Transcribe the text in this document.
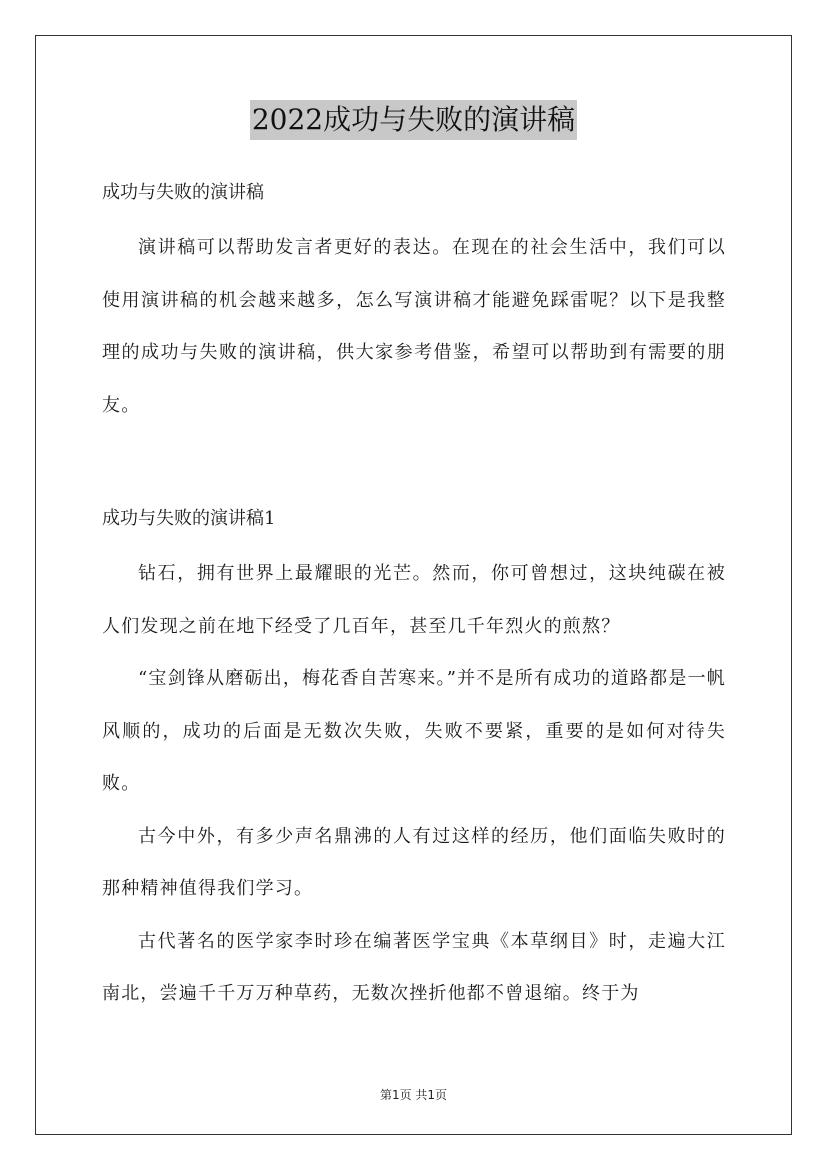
2022成功与失败的演讲稿
成功与失败的演讲稿

演讲稿可以帮助发言者更好的表达。在现在的社会生活中，我们可以使用演讲稿的机会越来越多，怎么写演讲稿才能避免踩雷呢？以下是我整理的成功与失败的演讲稿，供大家参考借鉴，希望可以帮助到有需要的朋友。

成功与失败的演讲稿1

钻石，拥有世界上最耀眼的光芒。然而，你可曾想过，这块纯碳在被人们发现之前在地下经受了几百年，甚至几千年烈火的煎熬？

“宝剑锋从磨砺出，梅花香自苦寒来。”并不是所有成功的道路都是一帆风顺的，成功的后面是无数次失败，失败不要紧，重要的是如何对待失败。

古今中外，有多少声名鼎沸的人有过这样的经历，他们面临失败时的那种精神值得我们学习。

古代著名的医学家李时珍在编著医学宝典《本草纲目》时，走遍大江南北，尝遍千千万万种草药，无数次挫折他都不曾退缩。终于为

第1页 共1页
